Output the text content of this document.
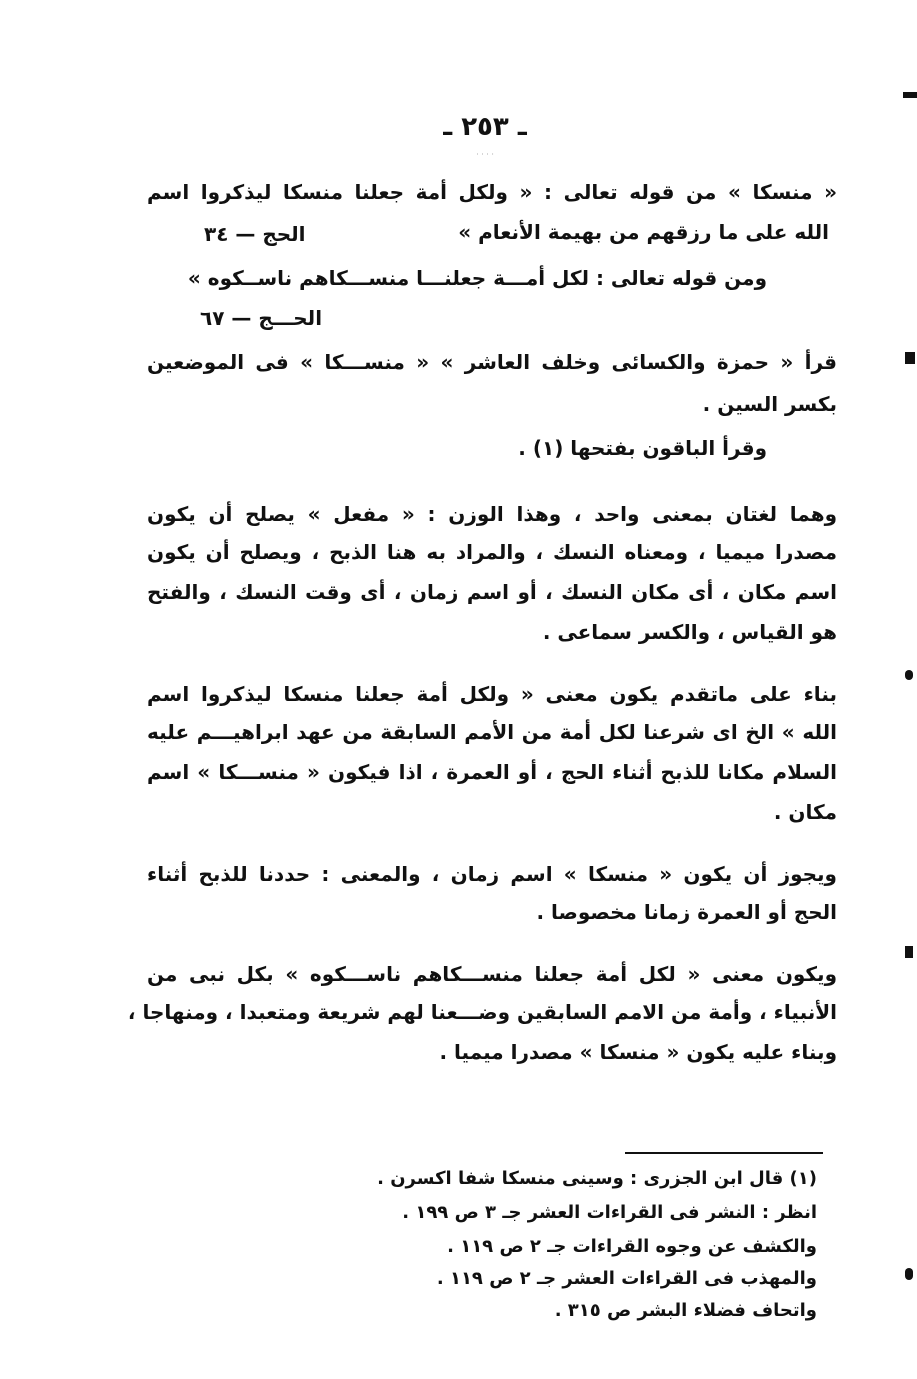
ـ ٢٥٣ ـ
· · · ·
« منسكا » من قوله تعالى : « ولكل أمة جعلنا منسكا ليذكروا اسم
الله على ما رزقهم من بهيمة الأنعام »
الحج — ٣٤
ومن قوله تعالى : لكل أمـــة جعلنـــا منســـكاهم ناســكوه »
الحـــج — ٦٧
قرأ « حمزة والكسائى وخلف العاشر » « منســـكا » فى الموضعين
بكسر السين .
وقرأ الباقون بفتحها (١) .
وهما لغتان بمعنى واحد ، وهذا الوزن : « مفعل » يصلح أن يكون
مصدرا ميميا ، ومعناه النسك ، والمراد به هنا الذبح ، ويصلح أن يكون
اسم مكان ، أى مكان النسك ، أو اسم زمان ، أى وقت النسك ، والفتح
هو القياس ، والكسر سماعى .
بناء على ماتقدم يكون معنى « ولكل أمة جعلنا منسكا ليذكروا اسم
الله » الخ اى شرعنا لكل أمة من الأمم السابقة من عهد ابراهيـــم عليه
السلام مكانا للذبح أثناء الحج ، أو العمرة ، اذا فيكون « منســـكا » اسم
مكان .
ويجوز أن يكون « منسكا » اسم زمان ، والمعنى : حددنا للذبح أثناء
الحج أو العمرة زمانا مخصوصا .
ويكون معنى « لكل أمة جعلنا منســـكاهم ناســـكوه » بكل نبى من
الأنبياء ، وأمة من الامم السابقين وضـــعنا لهم شريعة ومتعبدا ، ومنهاجا ،
وبناء عليه يكون « منسكا » مصدرا ميميا .
(١) قال ابن الجزرى : وسينى منسكا شفا اكسرن .
انظر : النشر فى القراءات العشر جـ ٣ ص ١٩٩ .
والكشف عن وجوه القراءات جـ ٢ ص ١١٩ .
والمهذب فى القراءات العشر جـ ٢ ص ١١٩ .
واتحاف فضلاء البشر ص ٣١٥ .
